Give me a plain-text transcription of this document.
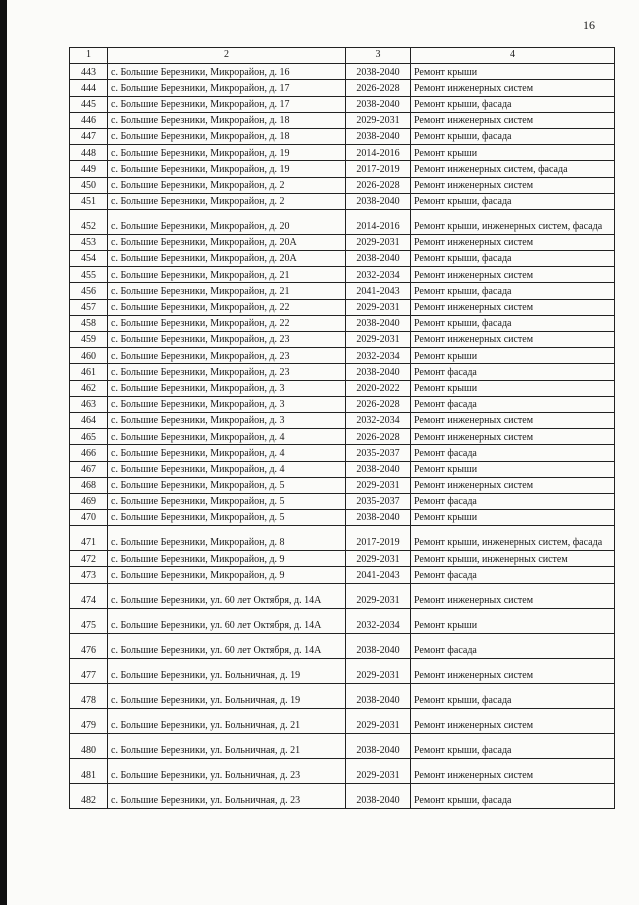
16
1	2	3	4
443	с. Большие Березники, Микрорайон, д. 16	2038-2040	Ремонт крыши
444	с. Большие Березники, Микрорайон, д. 17	2026-2028	Ремонт инженерных систем
445	с. Большие Березники, Микрорайон, д. 17	2038-2040	Ремонт крыши, фасада
446	с. Большие Березники, Микрорайон, д. 18	2029-2031	Ремонт инженерных систем
447	с. Большие Березники, Микрорайон, д. 18	2038-2040	Ремонт крыши, фасада
448	с. Большие Березники, Микрорайон, д. 19	2014-2016	Ремонт крыши
449	с. Большие Березники, Микрорайон, д. 19	2017-2019	Ремонт инженерных систем, фасада
450	с. Большие Березники, Микрорайон, д. 2	2026-2028	Ремонт инженерных систем
451	с. Большие Березники, Микрорайон, д. 2	2038-2040	Ремонт крыши, фасада
452	с. Большие Березники, Микрорайон, д. 20	2014-2016	Ремонт крыши, инженерных систем, фасада
453	с. Большие Березники, Микрорайон, д. 20А	2029-2031	Ремонт инженерных систем
454	с. Большие Березники, Микрорайон, д. 20А	2038-2040	Ремонт крыши, фасада
455	с. Большие Березники, Микрорайон, д. 21	2032-2034	Ремонт инженерных систем
456	с. Большие Березники, Микрорайон, д. 21	2041-2043	Ремонт крыши, фасада
457	с. Большие Березники, Микрорайон, д. 22	2029-2031	Ремонт инженерных систем
458	с. Большие Березники, Микрорайон, д. 22	2038-2040	Ремонт крыши, фасада
459	с. Большие Березники, Микрорайон, д. 23	2029-2031	Ремонт инженерных систем
460	с. Большие Березники, Микрорайон, д. 23	2032-2034	Ремонт крыши
461	с. Большие Березники, Микрорайон, д. 23	2038-2040	Ремонт фасада
462	с. Большие Березники, Микрорайон, д. 3	2020-2022	Ремонт крыши
463	с. Большие Березники, Микрорайон, д. 3	2026-2028	Ремонт фасада
464	с. Большие Березники, Микрорайон, д. 3	2032-2034	Ремонт инженерных систем
465	с. Большие Березники, Микрорайон, д. 4	2026-2028	Ремонт инженерных систем
466	с. Большие Березники, Микрорайон, д. 4	2035-2037	Ремонт фасада
467	с. Большие Березники, Микрорайон, д. 4	2038-2040	Ремонт крыши
468	с. Большие Березники, Микрорайон, д. 5	2029-2031	Ремонт инженерных систем
469	с. Большие Березники, Микрорайон, д. 5	2035-2037	Ремонт фасада
470	с. Большие Березники, Микрорайон, д. 5	2038-2040	Ремонт крыши
471	с. Большие Березники, Микрорайон, д. 8	2017-2019	Ремонт крыши, инженерных систем, фасада
472	с. Большие Березники, Микрорайон, д. 9	2029-2031	Ремонт крыши, инженерных систем
473	с. Большие Березники, Микрорайон, д. 9	2041-2043	Ремонт фасада
474	с. Большие Березники, ул. 60 лет Октября, д. 14А	2029-2031	Ремонт инженерных систем
475	с. Большие Березники, ул. 60 лет Октября, д. 14А	2032-2034	Ремонт крыши
476	с. Большие Березники, ул. 60 лет Октября, д. 14А	2038-2040	Ремонт фасада
477	с. Большие Березники, ул. Больничная, д. 19	2029-2031	Ремонт инженерных систем
478	с. Большие Березники, ул. Больничная, д. 19	2038-2040	Ремонт крыши, фасада
479	с. Большие Березники, ул. Больничная, д. 21	2029-2031	Ремонт инженерных систем
480	с. Большие Березники, ул. Больничная, д. 21	2038-2040	Ремонт крыши, фасада
481	с. Большие Березники, ул. Больничная, д. 23	2029-2031	Ремонт инженерных систем
482	с. Большие Березники, ул. Больничная, д. 23	2038-2040	Ремонт крыши, фасада
